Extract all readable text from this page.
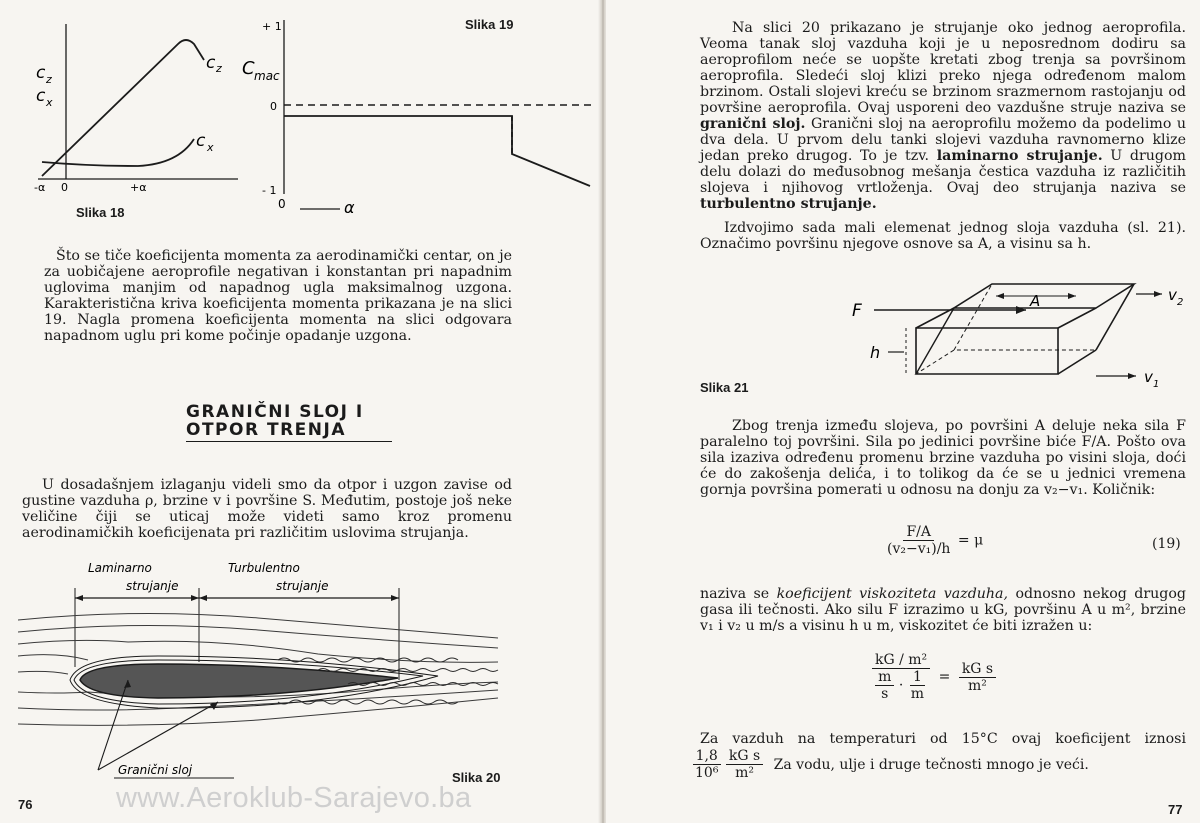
c z
c x
c z
c x
-α 0	+α
Slika 18
C mac
+ 1
0
- 1
0	α
Slika 19
Što se tiče koeficijenta momenta za aerodinamički centar, on je za uobičajene aeroprofile negativan i konstantan pri napadnim uglovima manjim od napadnog ugla maksimalnog uzgona. Karakteristična kriva koeficijenta momenta prikazana je na slici 19. Nagla promena koeficijenta momenta na slici odgovara napadnom uglu pri kome počinje opadanje uzgona.
GRANIČNI SLOJ I
OTPOR TRENJA
U dosadašnjem izlaganju videli smo da otpor i uzgon zavise od gustine vazduha ρ, brzine v i površine S. Međutim, postoje još neke veličine čiji se uticaj može videti samo kroz promenu aerodinamičkih koeficijenata pri različitim uslovima strujanja.
Laminarno
strujanje
Turbulentno
strujanje
Granični sloj	Slika 20
76	www.Aeroklub-Sarajevo.ba
Na slici 20 prikazano je strujanje oko jednog aeroprofila. Veoma tanak sloj vazduha koji je u neposrednom dodiru sa aeroprofilom neće se uopšte kretati zbog trenja sa površinom aeroprofila. Sledeći sloj klizi preko njega određenom malom brzinom. Ostali slojevi kreću se brzinom srazmernom rastojanju od površine aeroprofila. Ovaj usporeni deo vazdušne struje naziva se granični sloj. Granični sloj na aeroprofilu možemo da podelimo u dva dela. U prvom delu tanki slojevi vazduha ravnomerno klize jedan preko drugog. To je tzv. laminarno strujanje. U drugom delu dolazi do međusobnog mešanja čestica vazduha iz različitih slojeva i njihovog vrtloženja. Ovaj deo strujanja naziva se turbulentno strujanje.
Izdvojimo sada mali elemenat jednog sloja vazduha (sl. 21). Označimo površinu njegove osnove sa A, a visinu sa h.
F	A
h
v 2
v 1
Slika 21
Zbog trenja između slojeva, po površini A deluje neka sila F paralelno toj površini. Sila po jedinici površine biće F/A. Pošto ova sila izaziva određenu promenu brzine vazduha po visini sloja, doći će do zakošenja delića, i to tolikog da će se u jednici vremena gornja površina pomerati u odnosu na donju za v₂−v₁. Količnik:
$\frac{F/A}{\text{(v₂−v₁)/h}} = \mu$	(19)
naziva se koeficijent viskoziteta vazduha, odnosno nekog drugog gasa ili tečnosti. Ako silu F izrazimo u kG, površinu A u m², brzine v₁ i v₂ u m/s a visinu h u m, viskozitet će biti izražen u:
$\frac{\text{kG / m²}}{\frac{m}{s} \cdot \frac{1}{m}} = \frac{\text{kG s}}{\text{m²}}$
Za vazduh na temperaturi od 15°C ovaj koeficijent iznosi
$\frac{1,8}{\text{10⁶}}$
$\frac{\text{kG s}}{\text{m²}}$ Za vodu, ulje i druge tečnosti mnogo je veći.
77
